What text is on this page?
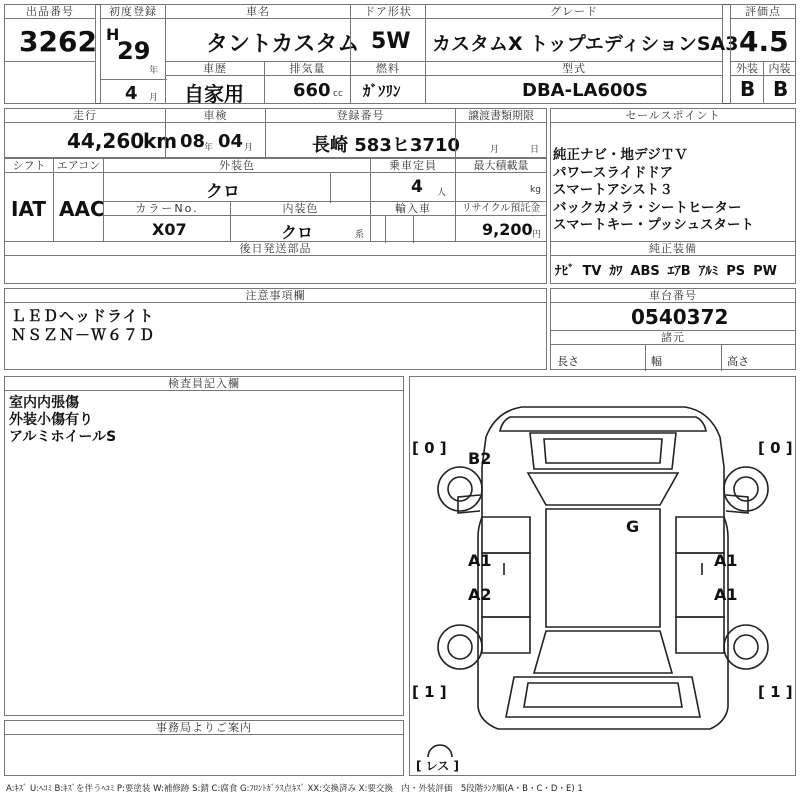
出品番号
3262
初度登録
H
29
年
4 月
車名
タントカスタム
ドア形状
5W
グレード
カスタムX トップエディションSA3
評価点
4.5
車歴
自家用
排気量
660 cc
燃料
ｶﾞｿﾘﾝ
型式
DBA-LA600S
外装
B
内装
B
走行
44,260
km
車検
08
年 04 月
登録番号
長崎 583ヒ3710
譲渡書類期限
月	日
シフト
IAT
エアコン
AAC
外装色
クロ
乗車定員
4 人
最大積載量
kg
カラーNo.
X07
内装色
クロ	系
輸入車	リサイクル預託金
9,200 円
後日発送部品
セールスポイント
純正ナビ・地デジＴＶ
パワースライドドア
スマートアシスト３
バックカメラ・シートヒーター
スマートキー・プッシュスタート
純正装備
ﾅﾋﾞ TV ｶﾜ ABS ｴｱB ｱﾙﾐ PS PW
注意事項欄
ＬＥＤヘッドライト
ＮＳＺＮ－Ｗ６７Ｄ
車台番号
0540372
諸元
長さ	幅	高さ
検査員記入欄
室内内張傷
外装小傷有り
アルミホイールS
事務局よりご案内
B2
G
A1
A2
A1
A1
[ 0 ]	[ 0 ]
[ 1 ]	[ 1 ]
[ レス ]
A:ｷｽﾞ U:ﾍｺﾐ B:ｷｽﾞを伴うﾍｺﾐ P:要塗装 W:補修跡 S:錆 C:腐食 G:ﾌﾛﾝﾄｶﾞﾗｽ点ｷｽﾞ XX:交換済み X:要交換　内・外装評価　5段階ﾗﾝｸ順(A・B・C・D・E) 1
